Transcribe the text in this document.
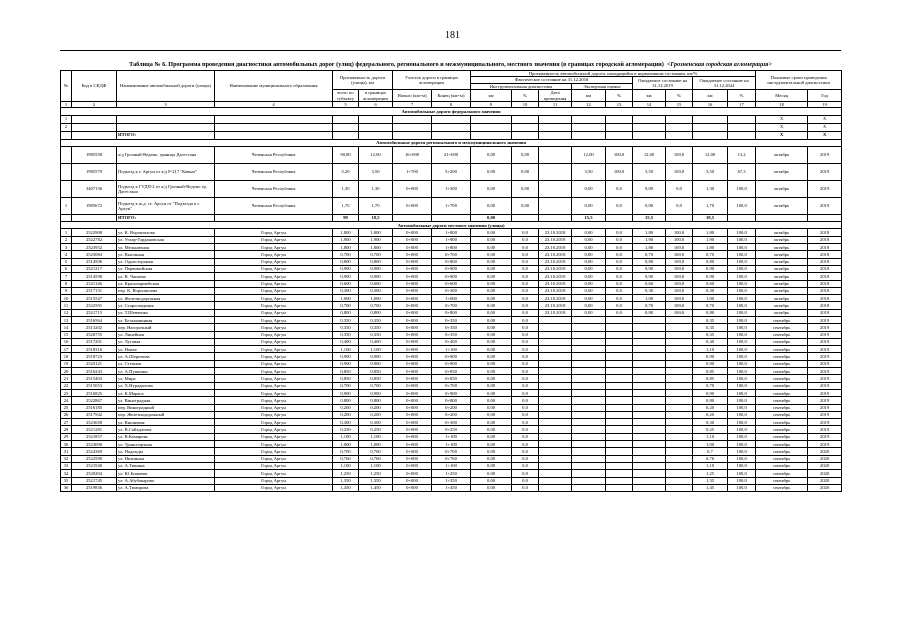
181
Таблица № 6. Программа проведения диагностики автомобильных дорог (улиц) федерального, регионального и межмуниципального, местного значения (в границах городской агломерации) <Грозненская городская агломерация>
№	Код в СКДФ	Наименование автомобильной дороги (улицы)	Наименование муниципального образования	Протяженность дороги (улицы), км		Участок дороги в границах агломерации		Протяженность автомобильной дороги, находящийся в нормативном состоянии, км/%									Плановые сроки проведения инструментальной диагностики	
								Фактическое состояние на 31.12.2018					Ожидаемое состояние на 31.12.2019		Ожидаемое состояние на 31.12.2024			
								Инструментальная диагностика			Экспертная оценка							
				всего по субъекту	в границах агломерации	Начало (км+м)	Конец (км+м)	км	%	Дата проведения	км	%	км	%	км	%	Месяц	Год
1	2	3	4	5	6	7	8	9	10	11	12	13	14	15	16	17	18	19
Автомобильные дороги федерального значения																		
1																	X	X
2																	X	X
		ИТОГО:															X	X
Автомобильные дороги регионального и межмуниципального значения																		
	1985558	а/д Грозный-Ведено, граница Дагестана	Чеченская Республика	90,80	12,00	16+000	21+000	0,00	0,00		12,00	100,0	12,00	100,0	12,00	13,2	октябрь	2019
	1985579	Подъезд к г. Аргун от а/д Р-217 "Кавказ"	Чеченская Республика	5,20	3,50	1+700	5+200	0,00	0,00		3,50	100,0	3,50	100,0	3,50	67,3	октябрь	2019
	3407136	Подъезд к ГУДП-2 от а/д Грозный-Ведено гр. Дагестана	Чеченская Республика	1,30	1,30	0+000	1+300	0,00	0,00		0,00	0,0	0,00	0,0	1,30	100,0	октябрь	2019
1	1985672	Подъезд к ж.д. ст. Аргун от "Подъезда к г. Аргун"	Чеченская Республика	1,70	1,70	0+000	1+700	0,00	0,00		0,00	0,0	0,00	0,0	1,70	100,0	октябрь	2019
		ИТОГО:		99	18,5			0,00			15,5		15,5		18,5			
Автомобильные дороги местного значения (улицы)																		
1	2522908	ул. К. Ворошилова	Город Аргун	1,800	1,800	0+000	1+800	0,00	0,0	23.10.2018	0,00	0,0	1,80	100,0	1,80	100,0	октябрь	2018
2	2522782	ул. Углар-Гордановская	Город Аргун	1,900	1,900	0+000	1+900	0,00	0,0	23.10.2018	0,00	0,0	1,90	100,0	1,90	100,0	октябрь	2018
3	2523952	ул. Мельничная	Город Аргун	1,800	1,800	0+000	1+800	0,00	0,0	23.10.2018	0,00	0,0	1,80	100,0	1,80	100,0	октябрь	2018
4	2525084	ул. Выгонная	Город Аргун	0,700	0,700	0+000	0+700	0,00	0,0	23.10.2018	0,00	0,0	0,70	100,0	0,70	100,0	октябрь	2018
5	2514506	ул. Одностороняя	Город Аргун	0,800	0,800	0+000	0+800	0,00	0,0	23.10.2018	0,00	0,0	0,80	100,0	0,80	100,0	октябрь	2018
6	2521217	ул. Первомайская	Город Аргун	0,900	0,900	0+000	0+900	0,00	0,0	23.10.2018	0,00	0,0	0,90	100,0	0,90	100,0	октябрь	2018
7	2514598	ул. В. Чапаева	Город Аргун	0,900	0,900	0+000	0+900	0,00	0,0	23.10.2018	0,00	0,0	0,90	100,0	0,90	100,0	октябрь	2018
8	2521146	ул. Красноармейская	Город Аргун	0,600	0,600	0+000	0+600	0,00	0,0	23.10.2018	0,00	0,0	0,60	100,0	0,60	100,0	октябрь	2018
9	2517131	пер. К. Ворошилова	Город Аргун	0,300	0,300	0+000	0+300	0,00	0,0	23.10.2018	0,00	0,0	0,30	100,0	0,30	100,0	октябрь	2018
10	2515547	ул. Железнодорожная	Город Аргун	1,000	1,000	0+000	1+000	0,00	0,0	23.10.2018	0,00	0,0	1,00	100,0	1,00	100,0	октябрь	2018
11	2522591	ул. Старосвадовая	Город Аргун	0,700	0,700	0+000	0+700	0,00	0,0	23.10.2018	0,00	0,0	0,70	100,0	0,70	100,0	октябрь	2018
12	2521715	ул. Т.Шевченко	Город Аргун	0,800	0,800	0+000	0+800	0,00	0,0	23.10.2018	0,00	0,0	0,80	100,0	0,80	100,0	октябрь	2018
13	2516564	ул. Бельманинкая	Город Аргун	0,350	0,350	0+000	0+350	0,00	0,0						0,35	100,0	сентябрь	2019
14	2513202	пер. Нагорочный	Город Аргун	0,350	0,350	0+000	0+350	0,00	0,0						0,35	100,0	сентябрь	2019
15	2520755	ул. Линейная	Город Аргун	0,350	0,350	0+000	0+350	0,00	0,0						0,35	100,0	сентябрь	2019
16	2517201	ул. Луговая	Город Аргун	0,400	0,400	0+000	0+400	0,00	0,0						0,40	100,0	сентябрь	2019
17	2518316	ул. Новая	Город Аргун	1,100	1,100	0+000	1+100	0,00	0,0						1,10	100,0	сентябрь	2019
18	2518723	ул. А.Шерипова	Город Аргун	0,900	0,900	0+000	0+900	0,00	0,0						0,90	100,0	сентябрь	2019
19	2525121	ул. Степная	Город Аргун	0,900	0,900	0+000	0+900	0,00	0,0						0,90	100,0	сентябрь	2019
20	2516243	ул. А.Пушкина	Город Аргун	0,850	0,850	0+000	0+850	0,00	0,0						0,85	100,0	сентябрь	2019
21	2515403	ул. Мира	Город Аргун	0,850	0,850	0+000	0+850	0,00	0,0						0,85	100,0	сентябрь	2019
22	2515053	ул. Х.Нурадилова	Город Аргун	0,700	0,700	0+000	0+700	0,00	0,0						0,70	100,0	сентябрь	2019
23	2516825	ул. К.Маркса	Город Аргун	0,900	0,900	0+000	0+900	0,00	0,0						0,90	100,0	сентябрь	2019
24	2522867	ул. Виноградная	Город Аргун	0,800	0,800	0+000	0+800	0,00	0,0						0,80	100,0	сентябрь	2019
25	2516185	пер. Виноградный	Город Аргун	0,200	0,200	0+000	0+200	0,00	0,0						0,20	100,0	сентябрь	2019
26	2517942	пер. Железнодорожный	Город Аргун	0,200	0,200	0+000	0+200	0,00	0,0						0,20	100,0	сентябрь	2019
27	2523658	ул. Вишневая	Город Аргун	0,300	0,300	0+000	0+300	0,00	0,0						0,30	100,0	сентябрь	2019
28	2521281	ул. В.Сайхдатова	Город Аргун	0,250	0,250	0+000	0+250	0,00	0,0						0,25	100,0	сентябрь	2019
29	2521857	ул. В.Комарова	Город Аргун	1,100	1,100	0+000	1+100	0,00	0,0						1,10	100,0	сентябрь	2019
30	2523090	ул. Транспортная	Город Аргун	1,000	1,000	0+000	1+100	0,00	0,0						1,00	100,0	сентябрь	2019
31	2524369	ул. Надежды	Город Аргун	0,700	0,700	0+000	0+700	0,00	0,0						0,7	100,0	сентябрь	2020
32	2522590	ул. Низинная	Город Аргун	0,760	0,760	0+000	0+760	0,00	0,0						0,76	100,0	сентябрь	2020
33	2521940	ул. А.Тюнина	Город Аргун	1,100	1,100	0+000	1+100	0,00	0,0						1,10	100,0	сентябрь	2020
34	2520204	ул. Ю.Бишаева	Город Аргун	1,250	1,250	0+000	1+250	0,00	0,0						1,25	100,0	сентябрь	2020
35	2521745	ул. А.Абубакарова	Город Аргун	1,350	1,350	0+000	1+350	0,00	0,0						1,35	100,0	сентябрь	2020
36	2519836	ул. А.Тимирова	Город Аргун	1,450	1,450	0+000	1+450	0,00	0,0						1,45	100,0	сентябрь	2020
